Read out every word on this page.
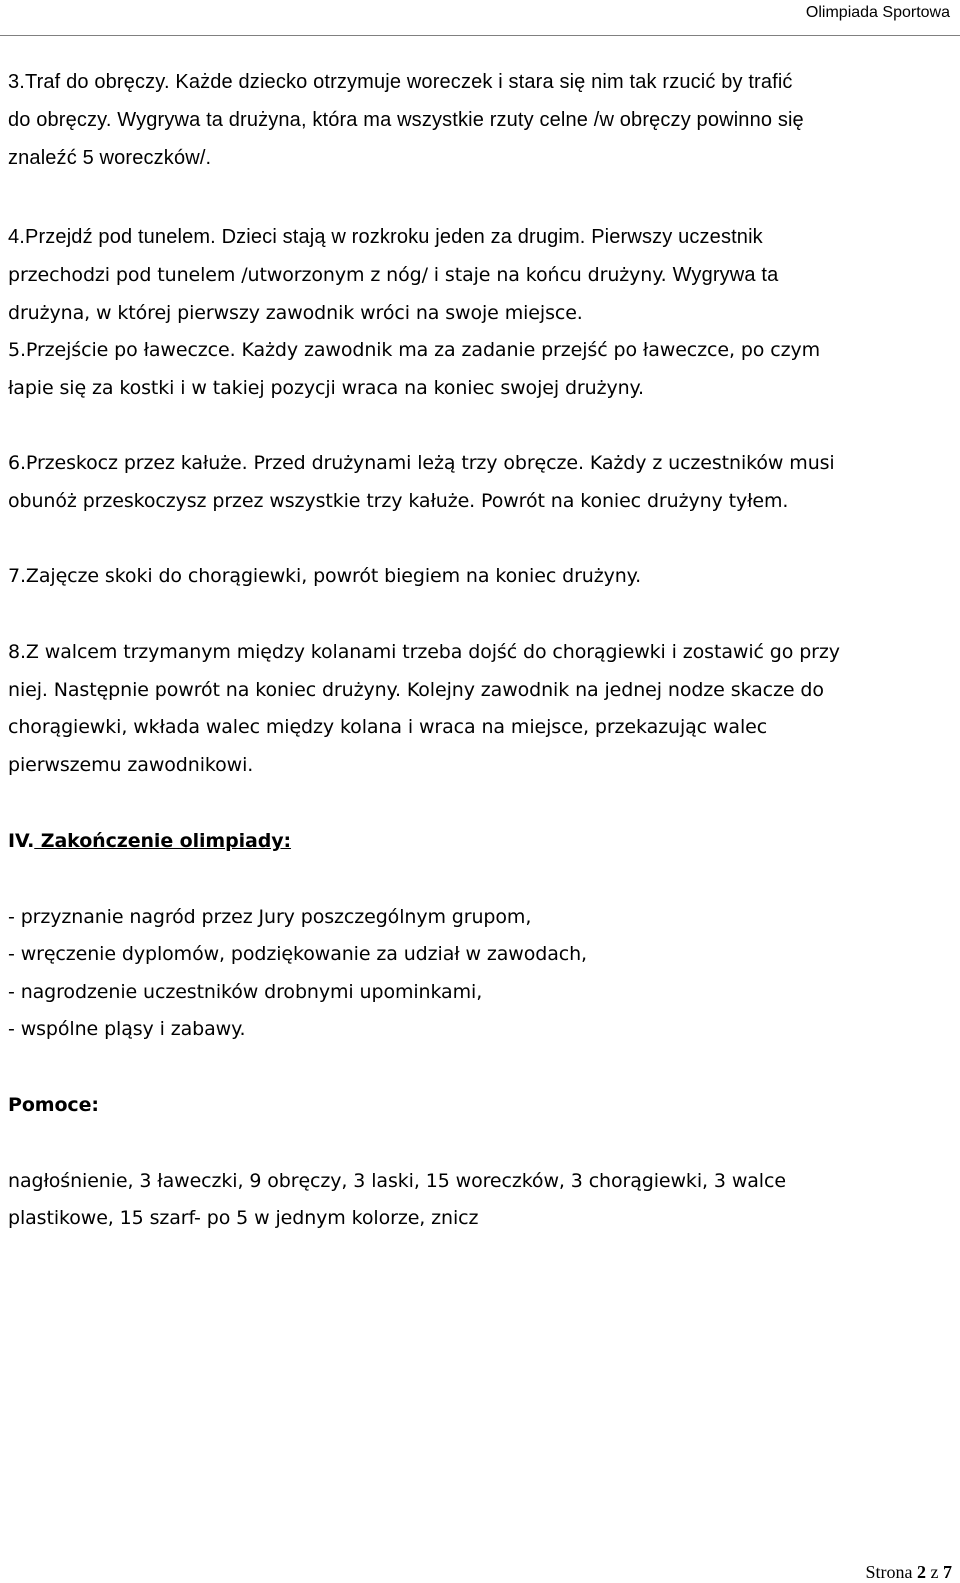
Olimpiada Sportowa

3.Traf do obręczy. Każde dziecko otrzymuje woreczek i stara się nim tak rzucić by trafić

do obręczy. Wygrywa ta drużyna, która ma wszystkie rzuty celne /w obręczy powinno się

znaleźć 5 woreczków/.

4.Przejdź pod tunelem. Dzieci stają w rozkroku jeden za drugim. Pierwszy uczestnik

przechodzi pod tunelem /utworzonym z nóg/ i staje na końcu drużyny. Wygrywa ta

drużyna, w której pierwszy zawodnik wróci na swoje miejsce.

5.Przejście po ławeczce. Każdy zawodnik ma za zadanie przejść po ławeczce, po czym

łapie się za kostki i w takiej pozycji wraca na koniec swojej drużyny.

6.Przeskocz przez kałuże. Przed drużynami leżą trzy obręcze. Każdy z uczestników musi

obunóż przeskoczysz przez wszystkie trzy kałuże. Powrót na koniec drużyny tyłem.

7.Zajęcze skoki do chorągiewki, powrót biegiem na koniec drużyny.

8.Z walcem trzymanym między kolanami trzeba dojść do chorągiewki i zostawić go przy

niej. Następnie powrót na koniec drużyny. Kolejny zawodnik na jednej nodze skacze do

chorągiewki, wkłada walec między kolana i wraca na miejsce, przekazując walec

pierwszemu zawodnikowi.

IV. Zakończenie olimpiady:

- przyznanie nagród przez Jury poszczególnym grupom,

- wręczenie dyplomów, podziękowanie za udział w zawodach,

- nagrodzenie uczestników drobnymi upominkami,

- wspólne pląsy i zabawy.

Pomoce:

nagłośnienie, 3 ławeczki, 9 obręczy, 3 laski, 15 woreczków, 3 chorągiewki, 3 walce

plastikowe, 15 szarf- po 5 w jednym kolorze, znicz

Strona 2 z 7
